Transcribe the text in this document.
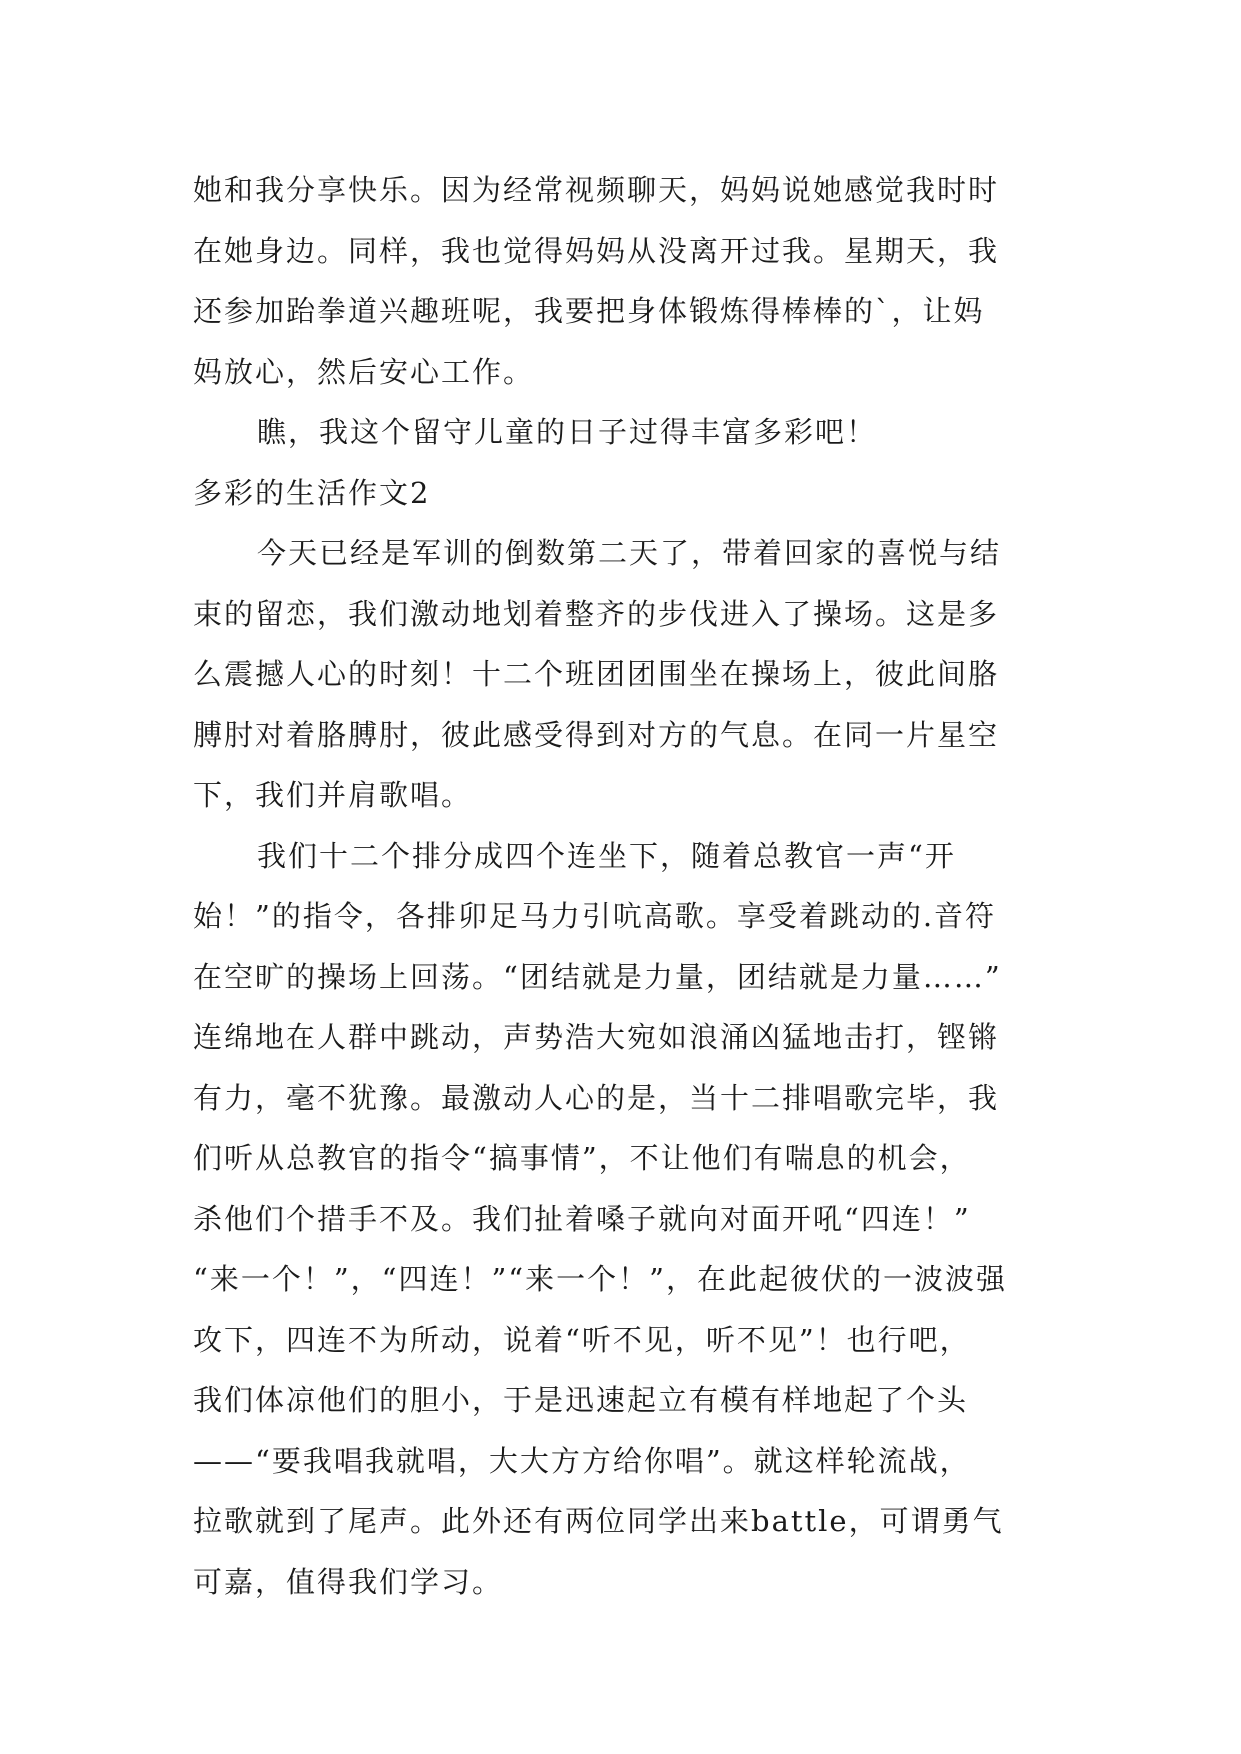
她和我分享快乐。因为经常视频聊天，妈妈说她感觉我时时
在她身边。同样，我也觉得妈妈从没离开过我。星期天，我
还参加跆拳道兴趣班呢，我要把身体锻炼得棒棒的`，让妈
妈放心，然后安心工作。
瞧，我这个留守儿童的日子过得丰富多彩吧！
多彩的生活作文2
今天已经是军训的倒数第二天了，带着回家的喜悦与结
束的留恋，我们激动地划着整齐的步伐进入了操场。这是多
么震撼人心的时刻！十二个班团团围坐在操场上，彼此间胳
膊肘对着胳膊肘，彼此感受得到对方的气息。在同一片星空
下，我们并肩歌唱。
我们十二个排分成四个连坐下，随着总教官一声“开
始！”的指令，各排卯足马力引吭高歌。享受着跳动的.音符
在空旷的操场上回荡。“团结就是力量，团结就是力量……”
连绵地在人群中跳动，声势浩大宛如浪涌凶猛地击打，铿锵
有力，毫不犹豫。最激动人心的是，当十二排唱歌完毕，我
们听从总教官的指令“搞事情”，不让他们有喘息的机会，
杀他们个措手不及。我们扯着嗓子就向对面开吼“四连！”
“来一个！”，“四连！”“来一个！”，在此起彼伏的一波波强
攻下，四连不为所动，说着“听不见，听不见”！也行吧，
我们体凉他们的胆小，于是迅速起立有模有样地起了个头
——“要我唱我就唱，大大方方给你唱”。就这样轮流战，
拉歌就到了尾声。此外还有两位同学出来battle，可谓勇气
可嘉，值得我们学习。
